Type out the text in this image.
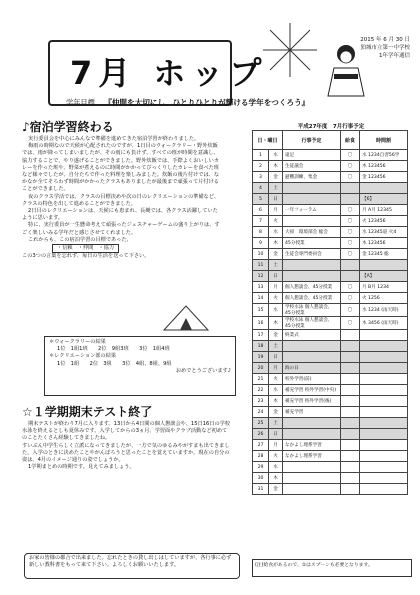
7月 ホップ
2015 年 6 月 30 日
狛城市立第一中学校
1年学年通信
学年目標　 『仲間を大切にし、ひとりひとりが輝ける学年をつくろう』
♪宿泊学習終わる
実行委員会を中心にみんなで準備を進めてきた宿泊学習が終わりました。
梅雨の時期なので天候が心配されたのですが、1日目のウォークラリー・野外炊飯では、雨が降ってしまいましたが、その雨にも負けず、すべての班が時間を意識し、協力することで、やり遂げることができました。野外炊飯では、手際よくおいしいカレーを作った班や、野菜が煮えるのに時間がかかってびっくりしたカレーを食べた班など様々でしたが、自分たちで作った料理を楽しみました。炊飯の後片付けでは、なかなか全てそろわず時間がかかったクラスもありましたが最後まで頑張って片付けることができました。
夜のクラス学活では、クラスの目標決めや次の日のレクリエーションの準備など、クラスの特色を出して進めることができました。
2日目のレクリエーションは、天候にも恵まれ、長縄では、各クラス活躍していたように思います。
特に、実行委員が一生懸命考えて頑張ったジェスチャーゲームの盛り上がりは、すごく楽しいみる学年だと感じさせてくれました。
これからも、この宿泊学習の目標であった、
・信頼　・仲間　・協力
この3つの言葉を忘れず、毎日の生活を送って下さい。
＊ウォークラリーの結果
1位　1組1班　　2位　9組3班　　3位　1組4班
＊レクリエーション部の結果
1位　1組　　2位　3組　　3位　4組、8組、9組
おめでとうございます♪
☆１学期期末テスト終了
期末テストが終わり7月に入ります。13日から4日間の個人懇談会や、15日16日の学校水泳を終えるとしも夏休みです。入学してからの3ヵ月、学習面やクラブ活動など初めてのことたくさん経験してきましたね。
すいぶん中学生らしく立派になってきましたが、一方で気のゆるみやがすまも出てきました。入学のときに決めたことやがんばろうと思ったことを覚えていますか。現在の自分の姿は、4月のイメージ通りの姿でしょうか。
1学期まとめの時期です。見えてみましょう。
お家の皆様の都合で出来ました。忘れたときの貸し出しはしていますが、各行事に必ず新しい教科書をもって来て下さい。よろしくお願いいたします。
平成27年度　7月行事予定
日・曜日		行事予定	給食	時間割
1	水	遠足	〇	水 1234自習56学
2	木	生徒議会	〇	木 123456
3	金	避難訓練、集金	〇	金 123456
4	土			
5	日			【6】
6	月	一年フォーラム	〇	月 A月 12345
7	火		〇	火 123456
8	水	大掃　環境部会 総会	〇	水 12345道 火4
9	木	45分授業	〇	木 123456
10	金	生徒会専門委員会	〇	金 12345 総
11	土			
12	日			【A】
13	月	個人懇談会、45分授業	〇	月 B月 1234
14	火	個人懇談会、45分授業	〇	火 1256
15	水	学校水泳 個人懇談会、45分授業	〇	水 1234 (雨天時)
16	木	学校水泳 個人懇談会、45分授業	〇	木 3456 (雨天時)
17	金	終業式		
18	土			
19	日			
20	月	海の日		
21	火	校外学習(前)		
22	水	補充学習 校外学習(中央)		
23	木	補充学習 校外学習(後)		
24	金	補充学習		
25	土			
26	日			
27	月	なかよし理系学習		
28	火	なかよし理系学習		
29	水			
30	木			
31	金			
(注)給食があるので、①はスプーンも必要となります。
